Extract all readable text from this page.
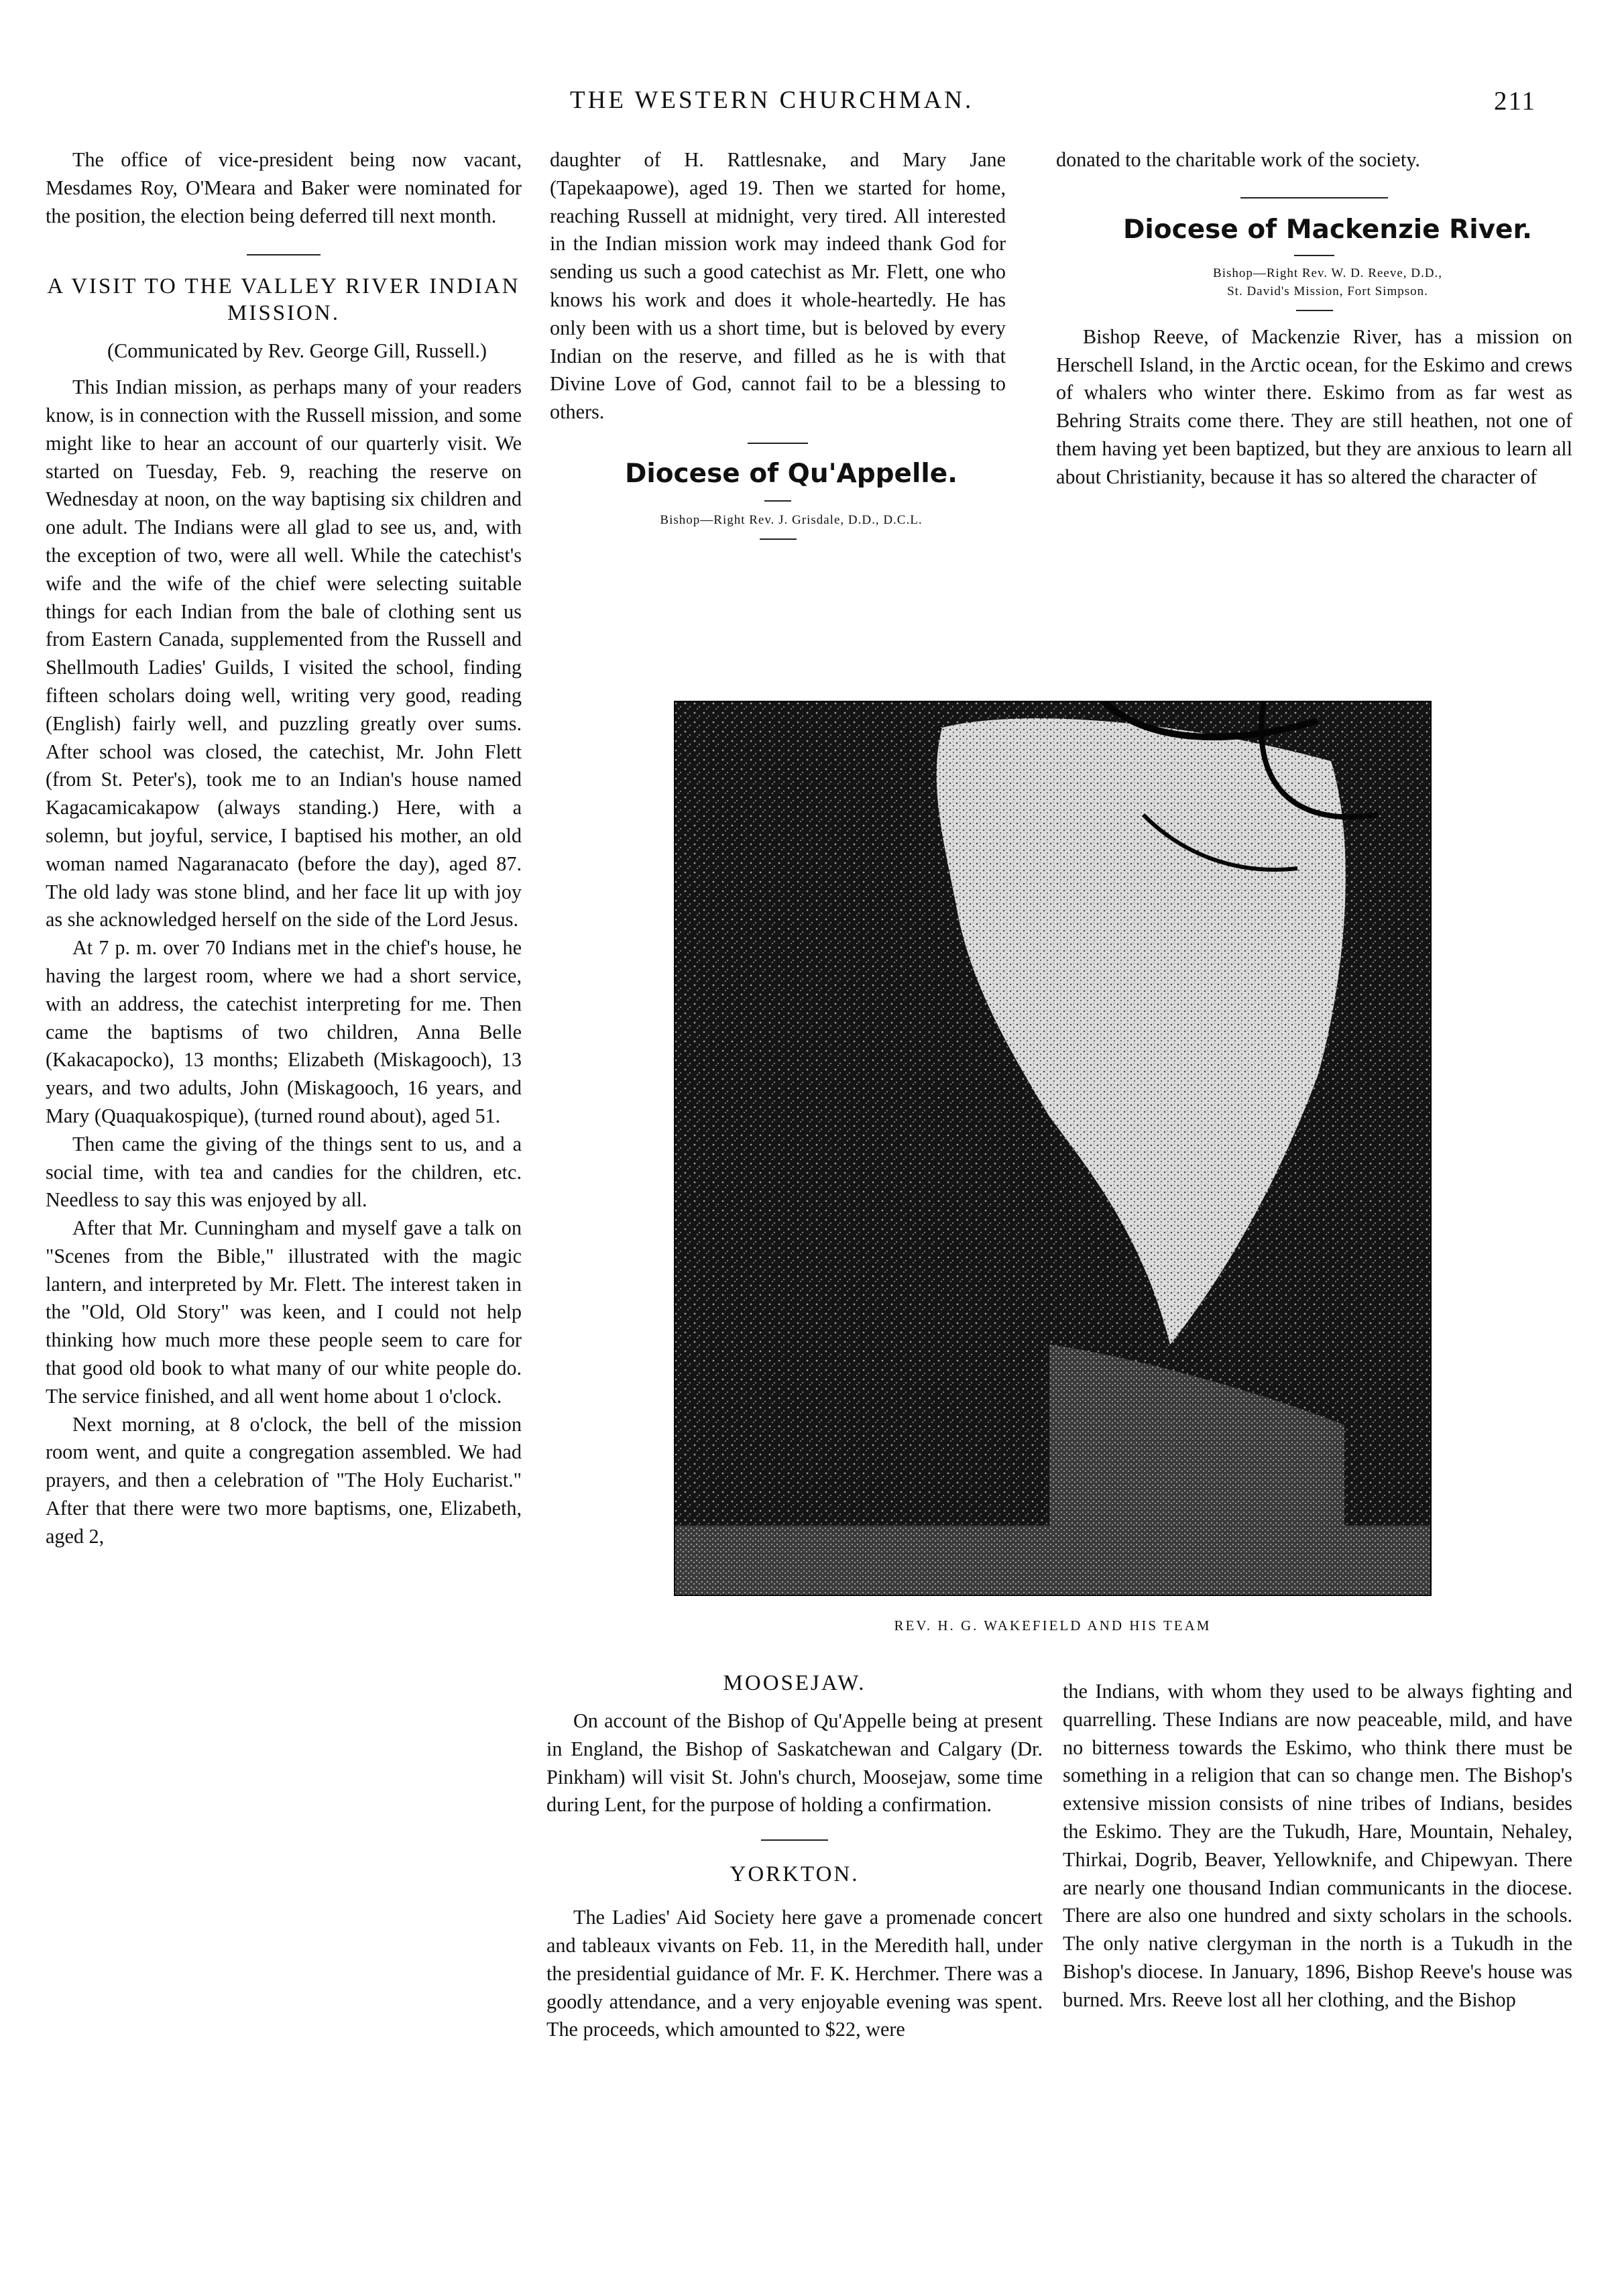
THE WESTERN CHURCHMAN.	211

The office of vice-president being now vacant, Mesdames Roy, O'Meara and Baker were nominated for the position, the election being deferred till next month.

A VISIT TO THE VALLEY RIVER INDIAN MISSION.

(Communicated by Rev. George Gill, Russell.)

This Indian mission, as perhaps many of your readers know, is in connection with the Russell mission, and some might like to hear an account of our quarterly visit. We started on Tuesday, Feb. 9, reaching the reserve on Wednesday at noon, on the way baptising six children and one adult. The Indians were all glad to see us, and, with the exception of two, were all well. While the catechist's wife and the wife of the chief were selecting suitable things for each Indian from the bale of clothing sent us from Eastern Canada, supplemented from the Russell and Shellmouth Ladies' Guilds, I visited the school, finding fifteen scholars doing well, writing very good, reading (English) fairly well, and puzzling greatly over sums. After school was closed, the catechist, Mr. John Flett (from St. Peter's), took me to an Indian's house named Kagacamicakapow (always standing.) Here, with a solemn, but joyful, service, I baptised his mother, an old woman named Nagaranacato (before the day), aged 87. The old lady was stone blind, and her face lit up with joy as she acknowledged herself on the side of the Lord Jesus.

At 7 p. m. over 70 Indians met in the chief's house, he having the largest room, where we had a short service, with an address, the catechist interpreting for me. Then came the baptisms of two children, Anna Belle (Kakacapocko), 13 months; Elizabeth (Miskagooch), 13 years, and two adults, John (Miskagooch, 16 years, and Mary (Quaquakospique), (turned round about), aged 51.

Then came the giving of the things sent to us, and a social time, with tea and candies for the children, etc. Needless to say this was enjoyed by all.

After that Mr. Cunningham and myself gave a talk on "Scenes from the Bible," illustrated with the magic lantern, and interpreted by Mr. Flett. The interest taken in the "Old, Old Story" was keen, and I could not help thinking how much more these people seem to care for that good old book to what many of our white people do. The service finished, and all went home about 1 o'clock.

Next morning, at 8 o'clock, the bell of the mission room went, and quite a congregation assembled. We had prayers, and then a celebration of "The Holy Eucharist." After that there were two more baptisms, one, Elizabeth, aged 2,

daughter of H. Rattlesnake, and Mary Jane (Tapekaapowe), aged 19. Then we started for home, reaching Russell at midnight, very tired. All interested in the Indian mission work may indeed thank God for sending us such a good catechist as Mr. Flett, one who knows his work and does it whole-heartedly. He has only been with us a short time, but is beloved by every Indian on the reserve, and filled as he is with that Divine Love of God, cannot fail to be a blessing to others.

Diocese of Qu'Appelle.

Bishop—Right Rev. J. Grisdale, D.D., D.C.L.

donated to the charitable work of the society.

Diocese of Mackenzie River.

Bishop—Right Rev. W. D. Reeve, D.D.,

St. David's Mission, Fort Simpson.

Bishop Reeve, of Mackenzie River, has a mission on Herschell Island, in the Arctic ocean, for the Eskimo and crews of whalers who winter there. Eskimo from as far west as Behring Straits come there. They are still heathen, not one of them having yet been baptized, but they are anxious to learn all about Christianity, because it has so altered the character of

REV. H. G. WAKEFIELD AND HIS TEAM

MOOSEJAW.

On account of the Bishop of Qu'Appelle being at present in England, the Bishop of Saskatchewan and Calgary (Dr. Pinkham) will visit St. John's church, Moosejaw, some time during Lent, for the purpose of holding a confirmation.

YORKTON.

The Ladies' Aid Society here gave a promenade concert and tableaux vivants on Feb. 11, in the Meredith hall, under the presidential guidance of Mr. F. K. Herchmer. There was a goodly attendance, and a very enjoyable evening was spent. The proceeds, which amounted to $22, were

the Indians, with whom they used to be always fighting and quarrelling. These Indians are now peaceable, mild, and have no bitterness towards the Eskimo, who think there must be something in a religion that can so change men. The Bishop's extensive mission consists of nine tribes of Indians, besides the Eskimo. They are the Tukudh, Hare, Mountain, Nehaley, Thirkai, Dogrib, Beaver, Yellowknife, and Chipewyan. There are nearly one thousand Indian communicants in the diocese. There are also one hundred and sixty scholars in the schools. The only native clergyman in the north is a Tukudh in the Bishop's diocese. In January, 1896, Bishop Reeve's house was burned. Mrs. Reeve lost all her clothing, and the Bishop
